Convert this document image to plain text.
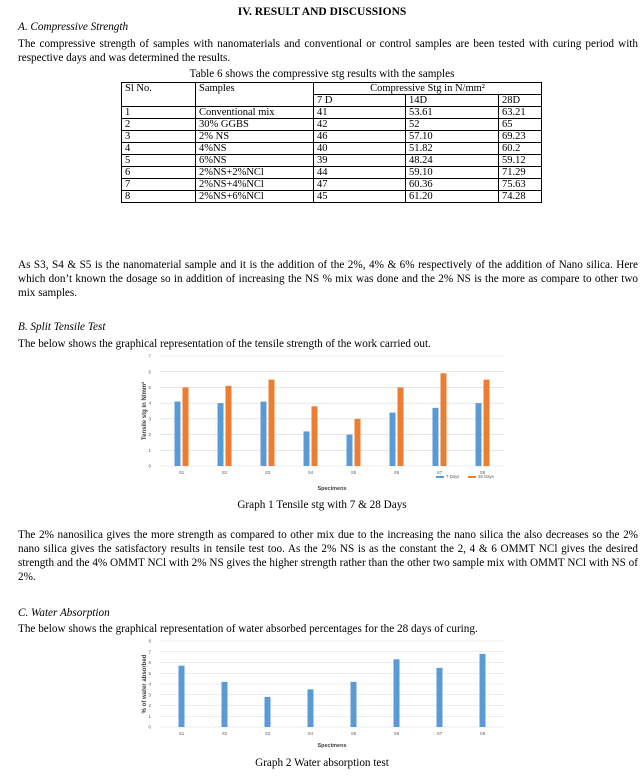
IV. RESULT AND DISCUSSIONS
A. Compressive Strength
The compressive strength of samples with nanomaterials and conventional or control samples are been tested with curing period with respective days and was determined the results.
Table 6 shows the compressive stg results with the samples
Sl No.	Samples	Compressive Stg in N/mm²		
		7 D	14D	28D
1	Conventional mix	41	53.61	63.21
2	30% GGBS	42	52	65
3	2% NS	46	57.10	69.23
4	4%NS	40	51.82	60.2
5	6%NS	39	48.24	59.12
6	2%NS+2%NCl	44	59.10	71.29
7	2%NS+4%NCl	47	60.36	75.63
8	2%NS+6%NCl	45	61.20	74.28
As S3, S4 & S5 is the nanomaterial sample and it is the addition of the 2%, 4% & 6% respectively of the addition of Nano silica. Here which don’t known the dosage so in addition of increasing the NS % mix was done and the 2% NS is the more as compare to other two mix samples.
B. Split Tensile Test
The below shows the graphical representation of the tensile strength of the work carried out.
0
1
2
3
4
5
6
7
S1	S2	S3	S4	S5	S6	S7	S8
Specimens
Tensile stg in N/mm²
7 Days	28 Days
Graph 1 Tensile stg with 7 & 28 Days
The 2% nanosilica gives the more strength as compared to other mix due to the increasing the nano silica the also decreases so the 2% nano silica gives the satisfactory results in tensile test too. As the 2% NS is as the constant the 2, 4 & 6 OMMT NCl gives the desired strength and the 4% OMMT NCl with 2% NS gives the higher strength rather than the other two sample mix with OMMT NCl with NS of 2%.
C. Water Absorption
The below shows the graphical representation of water absorbed percentages for the 28 days of curing.
0
1
2
3
4
5
6
7
8
S1	S2	S3	S4	S5	S6	S7	S8
Specimens
% of water absorbed
Graph 2 Water absorption test
